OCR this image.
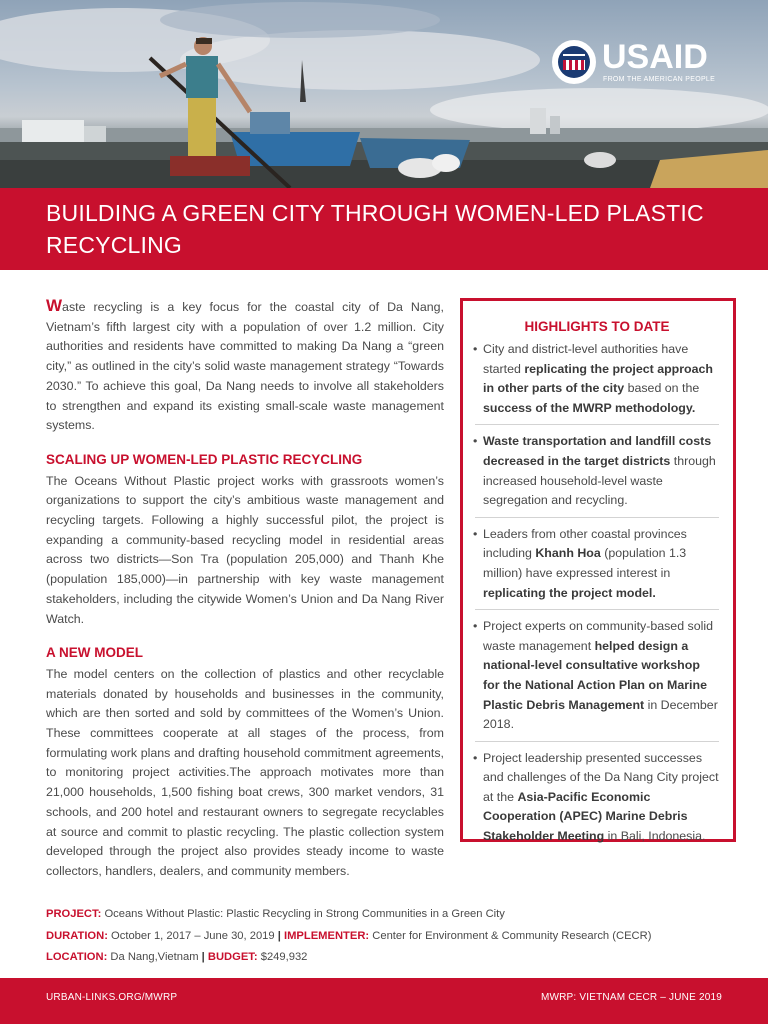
USAID
FROM THE AMERICAN PEOPLE
BUILDING A GREEN CITY THROUGH WOMEN-LED PLASTIC RECYCLING

Waste recycling is a key focus for the coastal city of Da Nang, Vietnam’s fifth largest city with a population of over 1.2 million. City authorities and residents have committed to making Da Nang a “green city,” as outlined in the city’s solid waste management strategy “Towards 2030.” To achieve this goal, Da Nang needs to involve all stakeholders to strengthen and expand its existing small-scale waste management systems.

SCALING UP WOMEN-LED PLASTIC RECYCLING

The Oceans Without Plastic project works with grassroots women’s organizations to support the city’s ambitious waste management and recycling targets. Following a highly successful pilot, the project is expanding a community-based recycling model in residential areas across two districts—Son Tra (population 205,000) and Thanh Khe (population 185,000)—in partnership with key waste management stakeholders, including the citywide Women’s Union and Da Nang River Watch.

A NEW MODEL

The model centers on the collection of plastics and other recyclable materials donated by households and businesses in the community, which are then sorted and sold by committees of the Women’s Union. These committees cooperate at all stages of the process, from formulating work plans and drafting household commitment agreements, to monitoring project activities.The approach motivates more than 21,000 households, 1,500 fishing boat crews, 300 market vendors, 31 schools, and 200 hotel and restaurant owners to segregate recyclables at source and commit to plastic recycling. The plastic collection system developed through the project also provides steady income to waste collectors, handlers, dealers, and community members.

HIGHLIGHTS TO DATE
• City and district-level authorities have started replicating the project approach in other parts of the city based on the success of the MWRP methodology.
• Waste transportation and landfill costs decreased in the target districts through increased household-level waste segregation and recycling.
• Leaders from other coastal provinces including Khanh Hoa (population 1.3 million) have expressed interest in replicating the project model.
• Project experts on community-based solid waste management helped design a national-level consultative workshop for the National Action Plan on Marine Plastic Debris Management in December 2018.
• Project leadership presented successes and challenges of the Da Nang City project at the Asia-Pacific Economic Cooperation (APEC) Marine Debris Stakeholder Meeting in Bali, Indonesia.
PROJECT: Oceans Without Plastic: Plastic Recycling in Strong Communities in a Green City
DURATION: October 1, 2017 – June 30, 2019 | IMPLEMENTER: Center for Environment & Community Research (CECR)
LOCATION: Da Nang,Vietnam | BUDGET: $249,932
URBAN-LINKS.ORG/MWRP	MWRP: VIETNAM CECR – JUNE 2019
